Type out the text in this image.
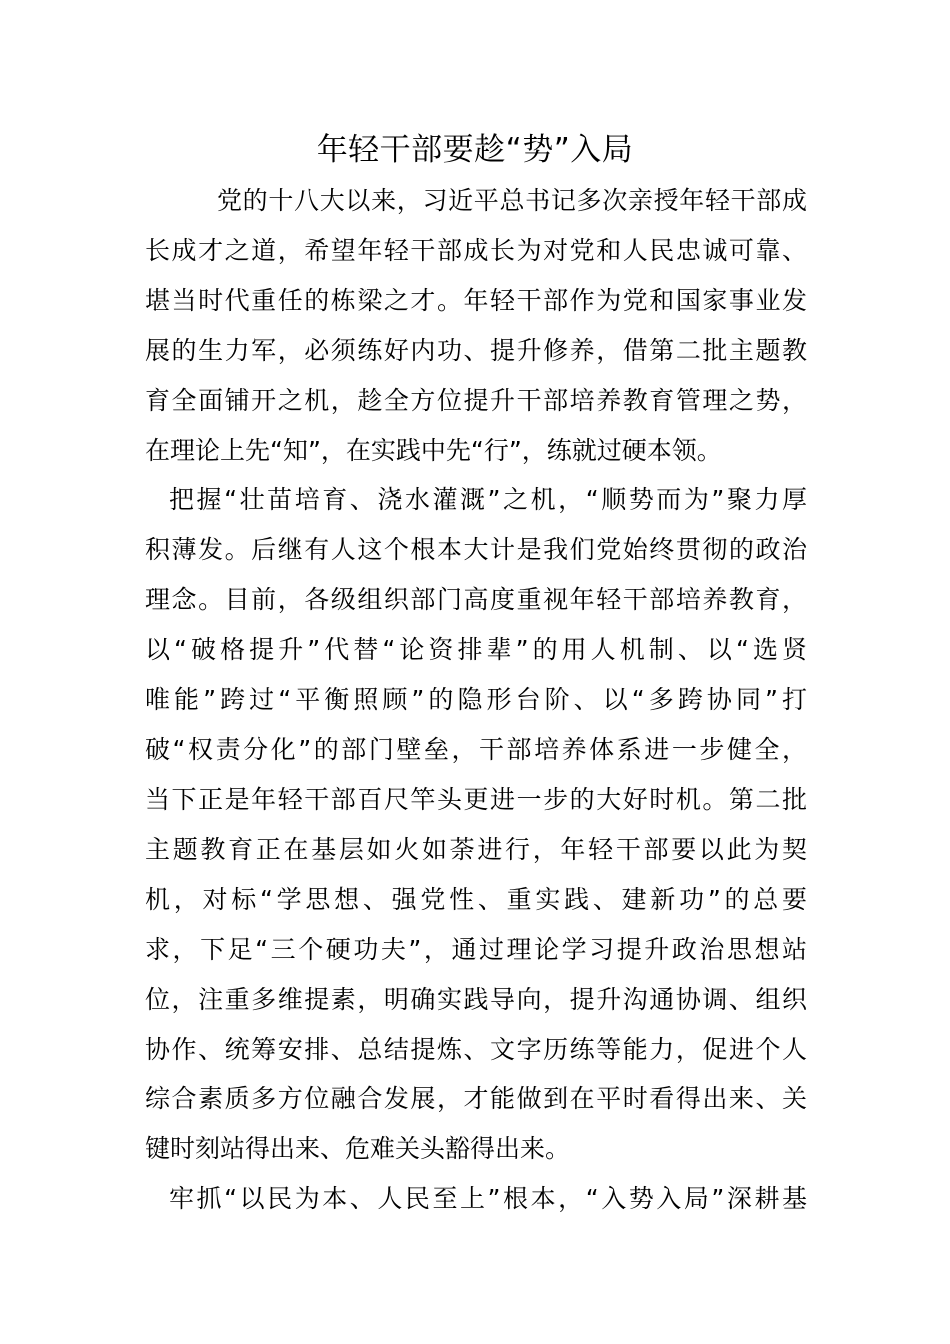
年轻干部要趁“势”入局
党的十八大以来，习近平总书记多次亲授年轻干部成
长成才之道，希望年轻干部成长为对党和人民忠诚可靠、
堪当时代重任的栋梁之才。年轻干部作为党和国家事业发
展的生力军，必须练好内功、提升修养，借第二批主题教
育全面铺开之机，趁全方位提升干部培养教育管理之势，
在理论上先“知”，在实践中先“行”，练就过硬本领。
把握“壮苗培育、浇水灌溉”之机，“顺势而为”聚力厚
积薄发。后继有人这个根本大计是我们党始终贯彻的政治
理念。目前，各级组织部门高度重视年轻干部培养教育，
以“破格提升”代替“论资排辈”的用人机制、以“选贤
唯能”跨过“平衡照顾”的隐形台阶、以“多跨协同”打
破“权责分化”的部门壁垒，干部培养体系进一步健全，
当下正是年轻干部百尺竿头更进一步的大好时机。第二批
主题教育正在基层如火如荼进行，年轻干部要以此为契
机，对标“学思想、强党性、重实践、建新功”的总要
求，下足“三个硬功夫”，通过理论学习提升政治思想站
位，注重多维提素，明确实践导向，提升沟通协调、组织
协作、统筹安排、总结提炼、文字历练等能力，促进个人
综合素质多方位融合发展，才能做到在平时看得出来、关
键时刻站得出来、危难关头豁得出来。
牢抓“以民为本、人民至上”根本，“入势入局”深耕基
